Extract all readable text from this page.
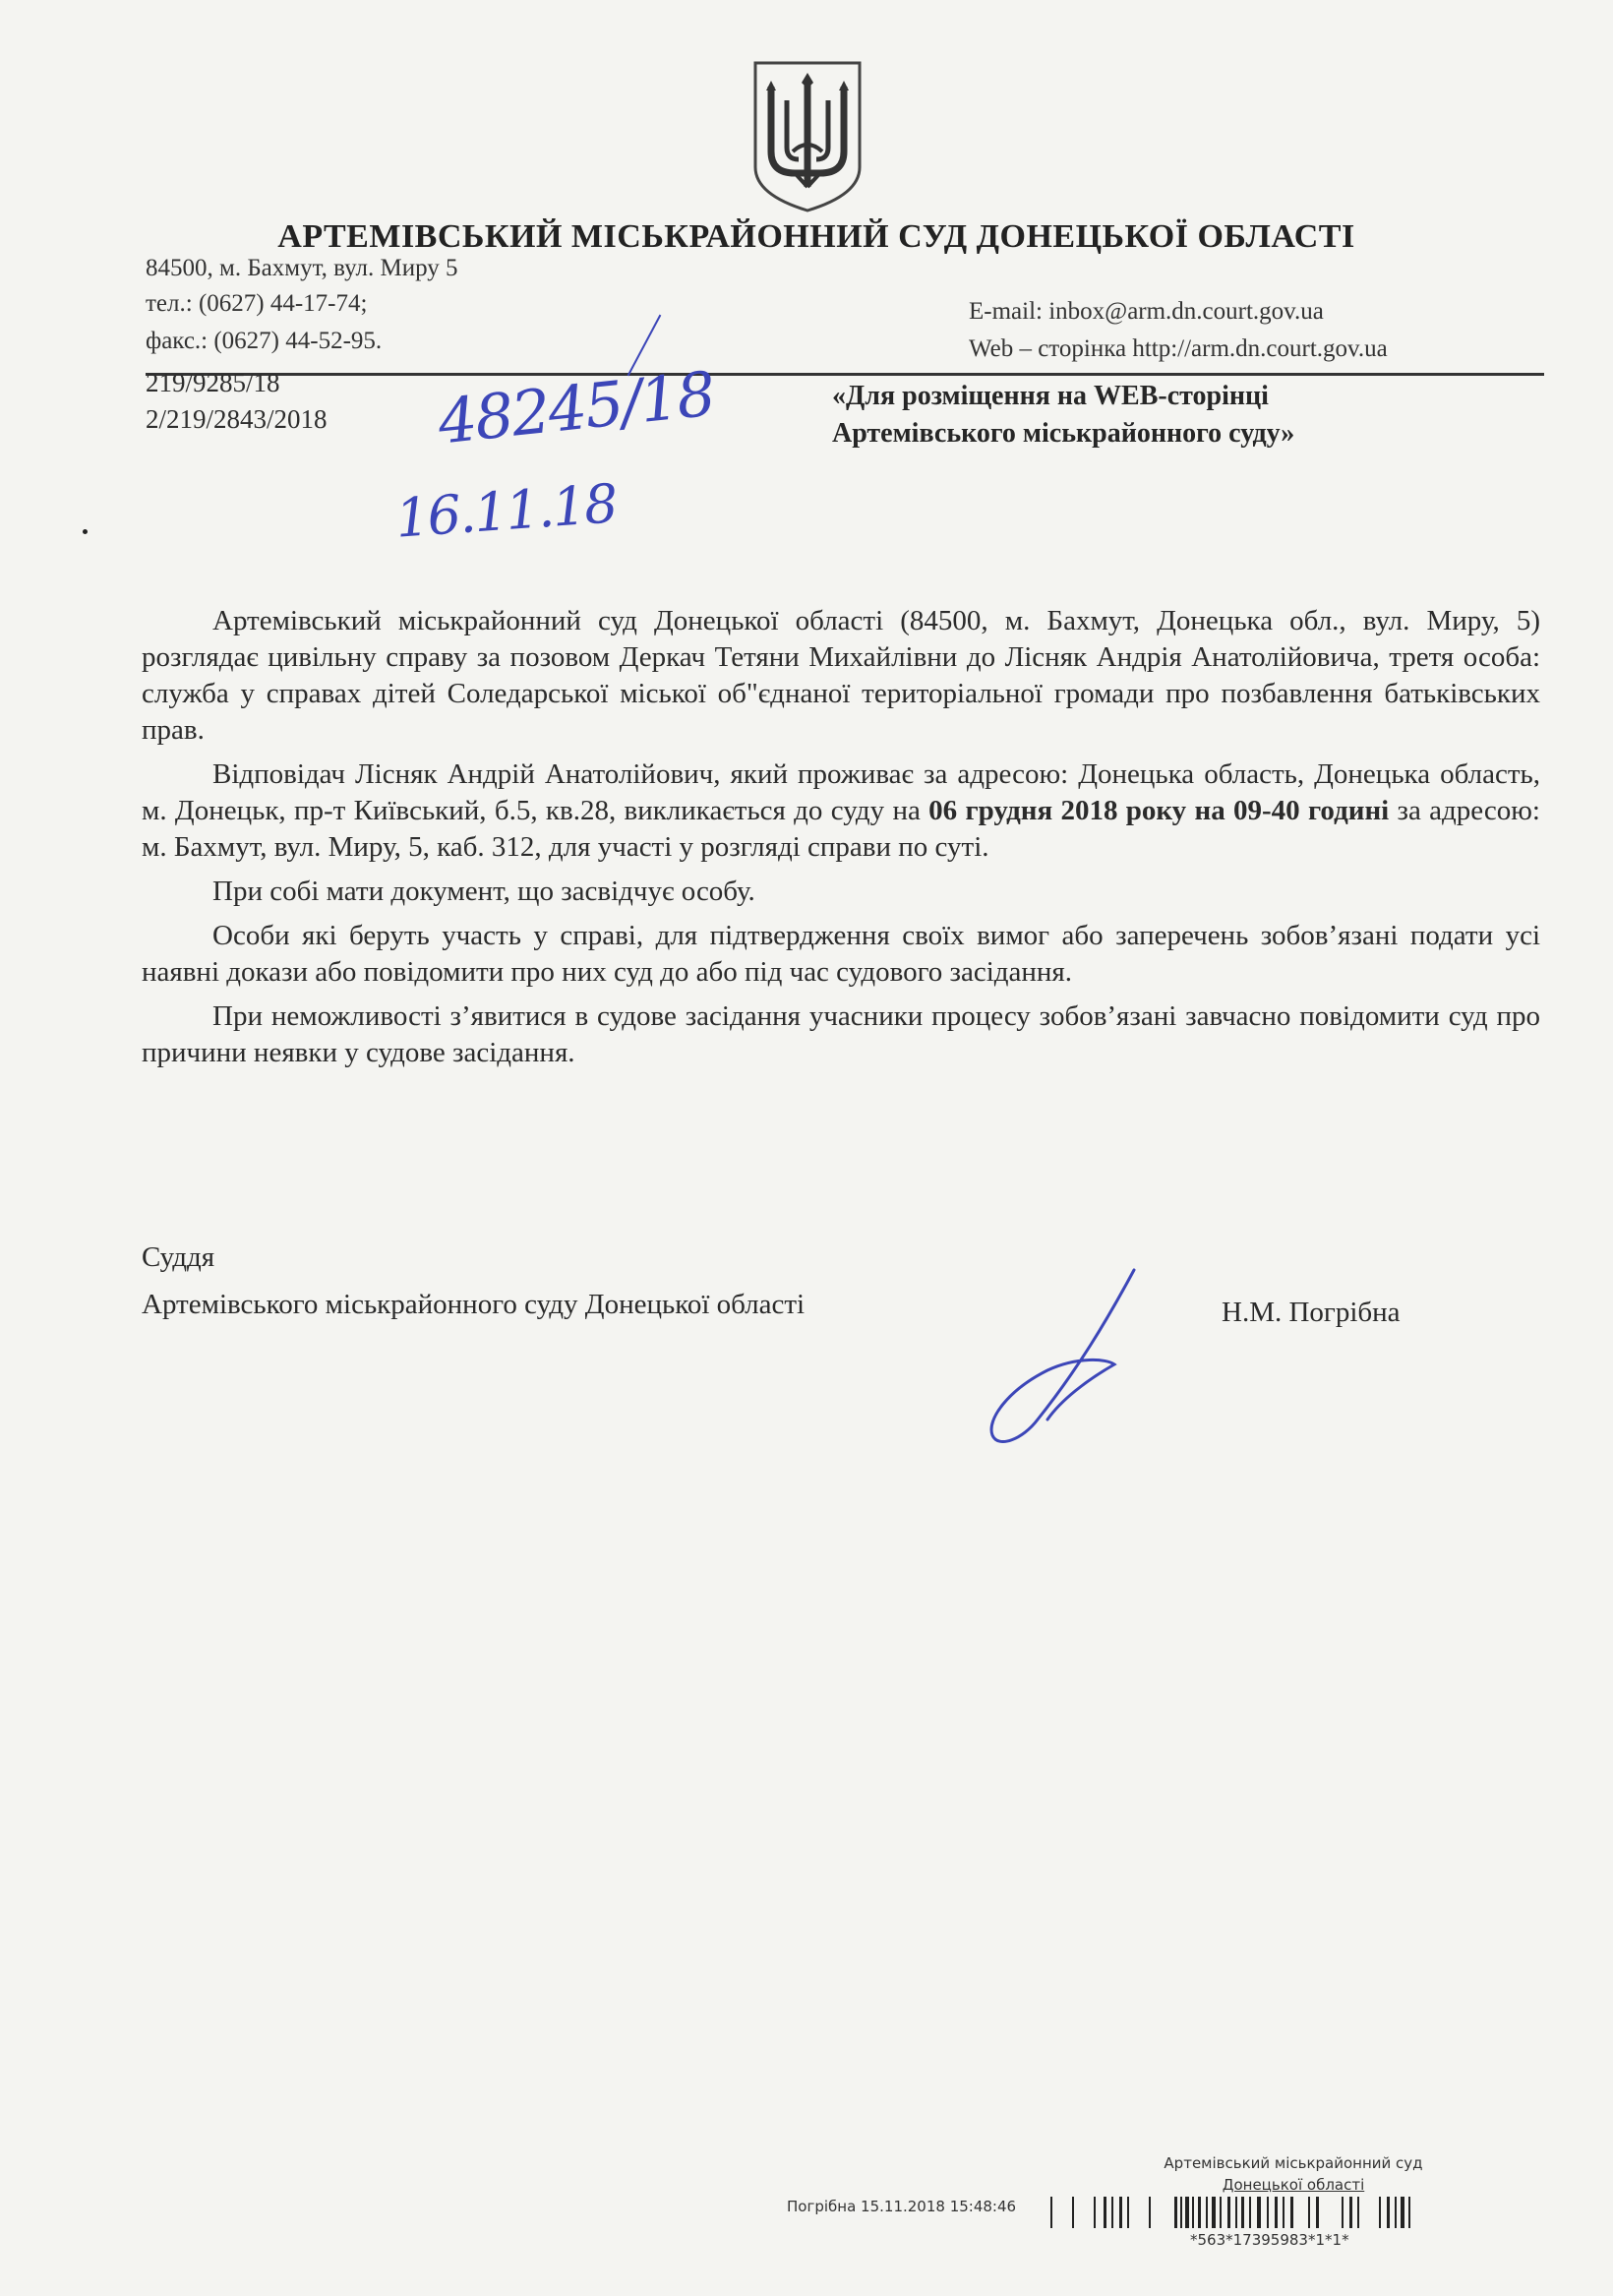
АРТЕМІВСЬКИЙ МІСЬКРАЙОННИЙ СУД ДОНЕЦЬКОЇ ОБЛАСТІ
84500, м. Бахмут, вул. Миру 5
тел.: (0627) 44-17-74;
факс.: (0627) 44-52-95.
E-mail: inbox@arm.dn.court.gov.ua
Web – сторінка http://arm.dn.court.gov.ua
219/9285/18
2/219/2843/2018
«Для розміщення на WEB-сторінці
Артемівського міськрайонного суду»
48245/18
16.11.18

Артемівський міськрайонний суд Донецької області (84500, м. Бахмут, Донецька обл., вул. Миру, 5) розглядає цивільну справу за позовом Деркач Тетяни Михайлівни до Лісняк Андрія Анатолійовича, третя особа: служба у справах дітей Соледарської міської об"єднаної територіальної громади про позбавлення батьківських прав.

Відповідач Лісняк Андрій Анатолійович, який проживає за адресою: Донецька область, Донецька область, м. Донецьк, пр-т Київський, б.5, кв.28, викликається до суду на 06 грудня 2018 року на 09-40 годині за адресою: м. Бахмут, вул. Миру, 5, каб. 312, для участі у розгляді справи по суті.

При собі мати документ, що засвідчує особу.

Особи які беруть участь у справі, для підтвердження своїх вимог або заперечень зобов’язані подати усі наявні докази або повідомити про них суд до або під час судового засідання.

При неможливості з’явитися в судове засідання учасники процесу зобов’язані завчасно повідомити суд про причини неявки у судове засідання.

Суддя
Артемівського міськрайонного суду Донецької області	Н.М. Погрібна
Артемівський міськрайонний суд
Донецької області
Погрібна 15.11.2018 15:48:46
*563*17395983*1*1*
